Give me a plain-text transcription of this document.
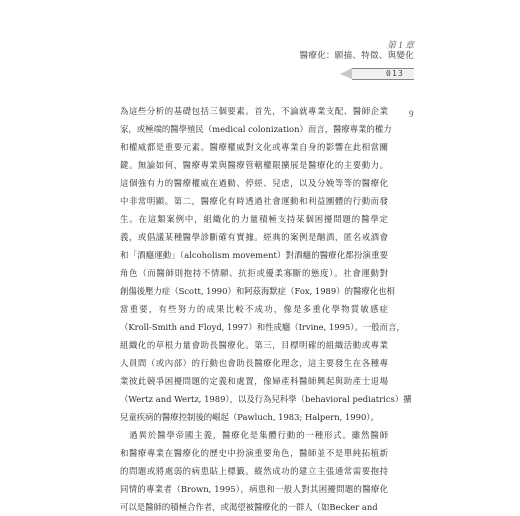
第 1 章
醫療化：願描、特徵、與變化
013
9
為這些分析的基礎包括三個要素。首先，不論就專業支配、醫師企業
家，或極端的醫學殖民（medical colonization）而言，醫療專業的權力
和權威都是重要元素。醫療權威對文化或專業自身的影響在此相當關
鍵。無論如何，醫療專業與醫療管轄權限擴展是醫療化的主要動力。
這個強有力的醫療權威在過動、停經、兒虐，以及分娩等等的醫療化
中非常明顯。第二，醫療化有時透過社會運動和利益團體的行動而發
生。在這類案例中，組織化的力量積極支持某個困擾問題的醫學定
義，或倡議某種醫學診斷確有實據。經典的案例是酗酒，匿名戒酒會
和「酒癮運動」（alcoholism movement）對酒癮的醫療化都扮演重要
角色（而醫師則抱持不情願、抗拒或優柔寡斷的態度）。社會運動對
創傷後壓力症（Scott, 1990）和阿茲海默症（Fox, 1989）的醫療化也相
當重要，有些努力的成果比較不成功，像是多重化學物質敏感症
（Kroll-Smith and Floyd, 1997）和性成癮（Irvine, 1995）。一般而言，
組織化的草根力量會助長醫療化。第三，目標明確的組織活動或專業
人員間（或內部）的行動也會助長醫療化理念，這主要發生在各種專
業彼此競爭困擾問題的定義和處置，像婦產科醫師興起與助產士退場
（Wertz and Wertz, 1989），以及行為兒科學（behavioral pediatrics）擴
兒童疾病的醫療控制後的崛起（Pawluch, 1983; Halpern, 1990）。
　過異於醫學帝國主義，醫療化是集體行動的一種形式。雖然醫師
和醫療專業在醫療化的歷史中扮演重要角色，醫師並不是單純拓植新
的問題或將處弱的病患貼上標籤。縱然成功的建立主張通常需要抱持
同情的專業者（Brown, 1995），病患和一般人對其困擾問題的醫療化
可以是醫師的積極合作者，或渴望被醫療化的一群人（如Becker and
